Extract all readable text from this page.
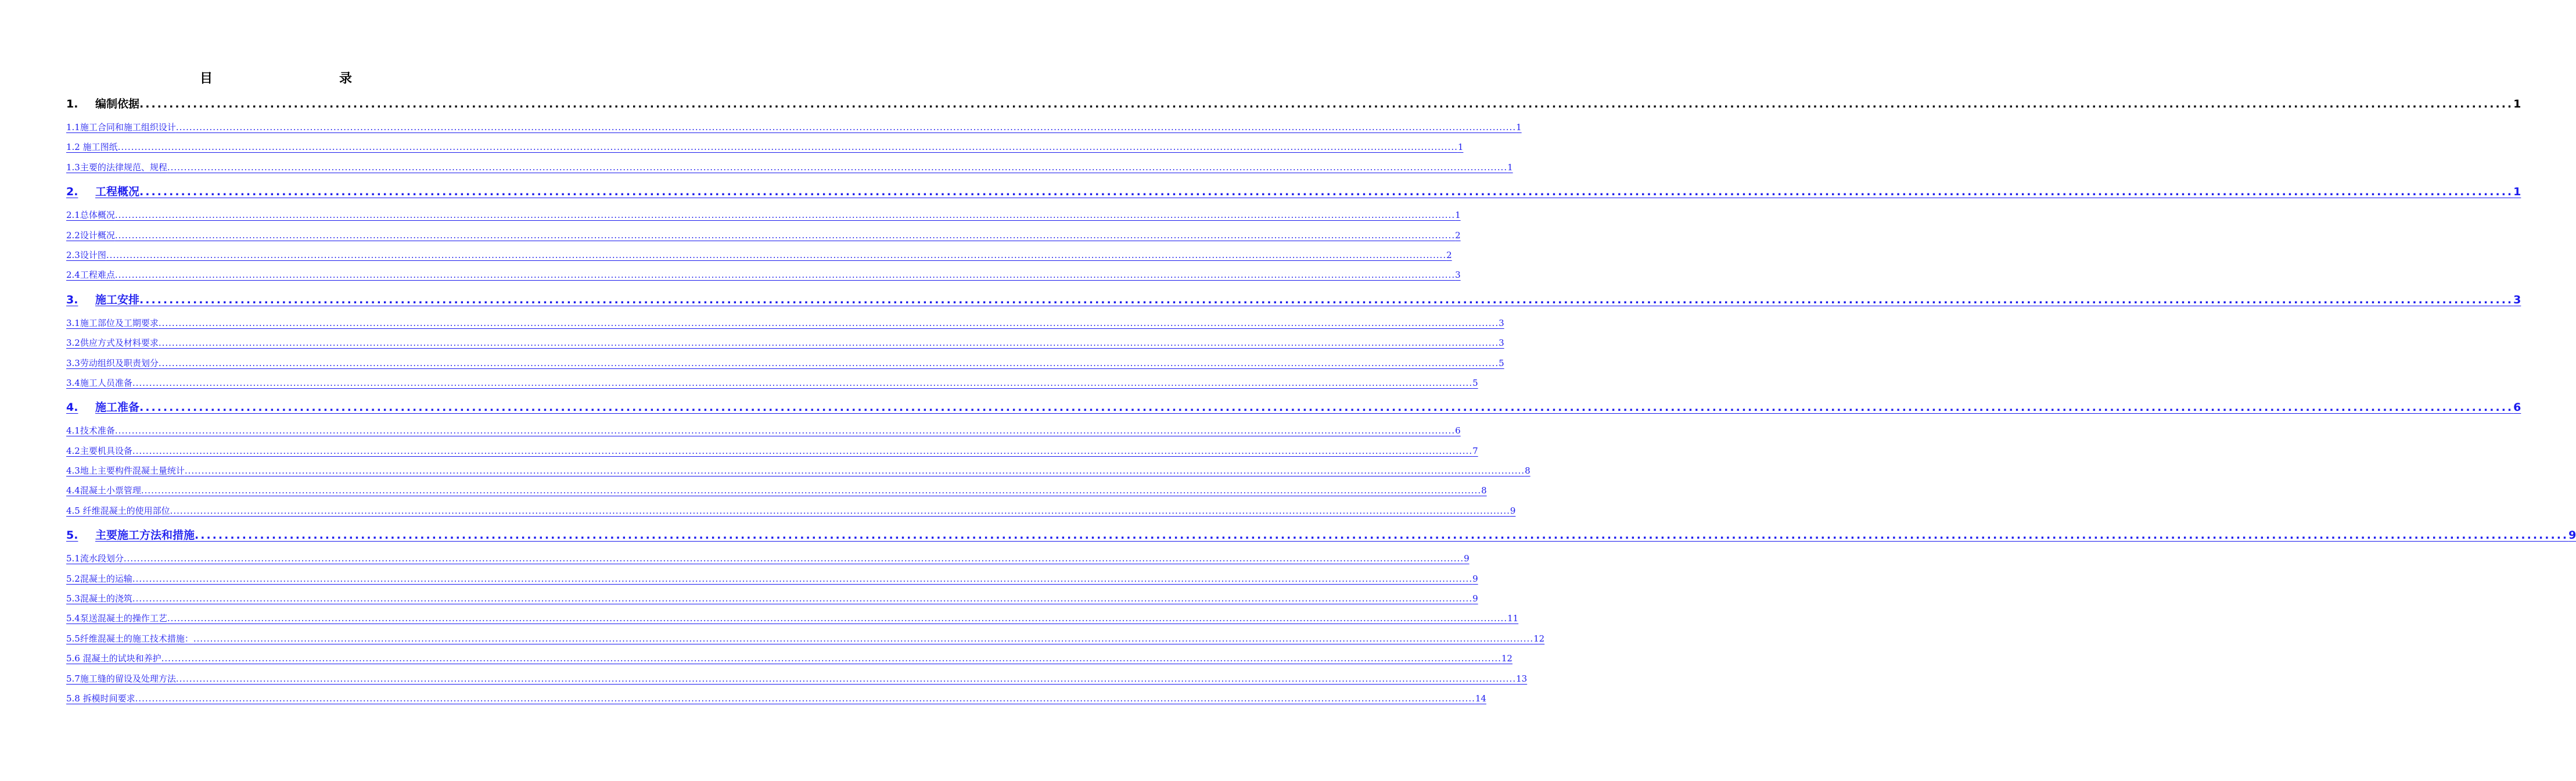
目　　录
1.	编制依据 ................................................................................................................................................................................................................................................................................................................................................................................................................ 1
1.1施工合同和施工组织设计 ................................................................................................................................................................................................................................................................................................................................................................................................................ 1
1.2 施工图纸 ................................................................................................................................................................................................................................................................................................................................................................................................................ 1
1.3主要的法律规范、规程 ................................................................................................................................................................................................................................................................................................................................................................................................................ 1
2.	工程概况 ................................................................................................................................................................................................................................................................................................................................................................................................................ 1
2.1总体概况 ................................................................................................................................................................................................................................................................................................................................................................................................................ 1
2.2设计概况 ................................................................................................................................................................................................................................................................................................................................................................................................................ 2
2.3设计图 ................................................................................................................................................................................................................................................................................................................................................................................................................ 2
2.4工程难点 ................................................................................................................................................................................................................................................................................................................................................................................................................ 3
3.	施工安排 ................................................................................................................................................................................................................................................................................................................................................................................................................ 3
3.1施工部位及工期要求 ................................................................................................................................................................................................................................................................................................................................................................................................................ 3
3.2供应方式及材料要求 ................................................................................................................................................................................................................................................................................................................................................................................................................ 3
3.3劳动组织及职责划分 ................................................................................................................................................................................................................................................................................................................................................................................................................ 5
3.4施工人员准备 ................................................................................................................................................................................................................................................................................................................................................................................................................ 5
4.	施工准备 ................................................................................................................................................................................................................................................................................................................................................................................................................ 6
4.1技术准备 ................................................................................................................................................................................................................................................................................................................................................................................................................ 6
4.2主要机具设备 ................................................................................................................................................................................................................................................................................................................................................................................................................ 7
4.3地上主要构件混凝土量统计 ................................................................................................................................................................................................................................................................................................................................................................................................................ 8
4.4混凝土小票管理 ................................................................................................................................................................................................................................................................................................................................................................................................................ 8
4.5 纤维混凝土的使用部位 ................................................................................................................................................................................................................................................................................................................................................................................................................ 9
5.	主要施工方法和措施 ................................................................................................................................................................................................................................................................................................................................................................................................................ 9
5.1流水段划分 ................................................................................................................................................................................................................................................................................................................................................................................................................ 9
5.2混凝土的运输 ................................................................................................................................................................................................................................................................................................................................................................................................................ 9
5.3混凝土的浇筑 ................................................................................................................................................................................................................................................................................................................................................................................................................ 9
5.4泵送混凝土的操作工艺 ................................................................................................................................................................................................................................................................................................................................................................................................................ 11
5.5纤维混凝土的施工技术措施： ................................................................................................................................................................................................................................................................................................................................................................................................................ 12
5.6 混凝土的试块和养护 ................................................................................................................................................................................................................................................................................................................................................................................................................ 12
5.7施工缝的留设及处理方法 ................................................................................................................................................................................................................................................................................................................................................................................................................ 13
5.8 拆模时间要求 ................................................................................................................................................................................................................................................................................................................................................................................................................ 14
